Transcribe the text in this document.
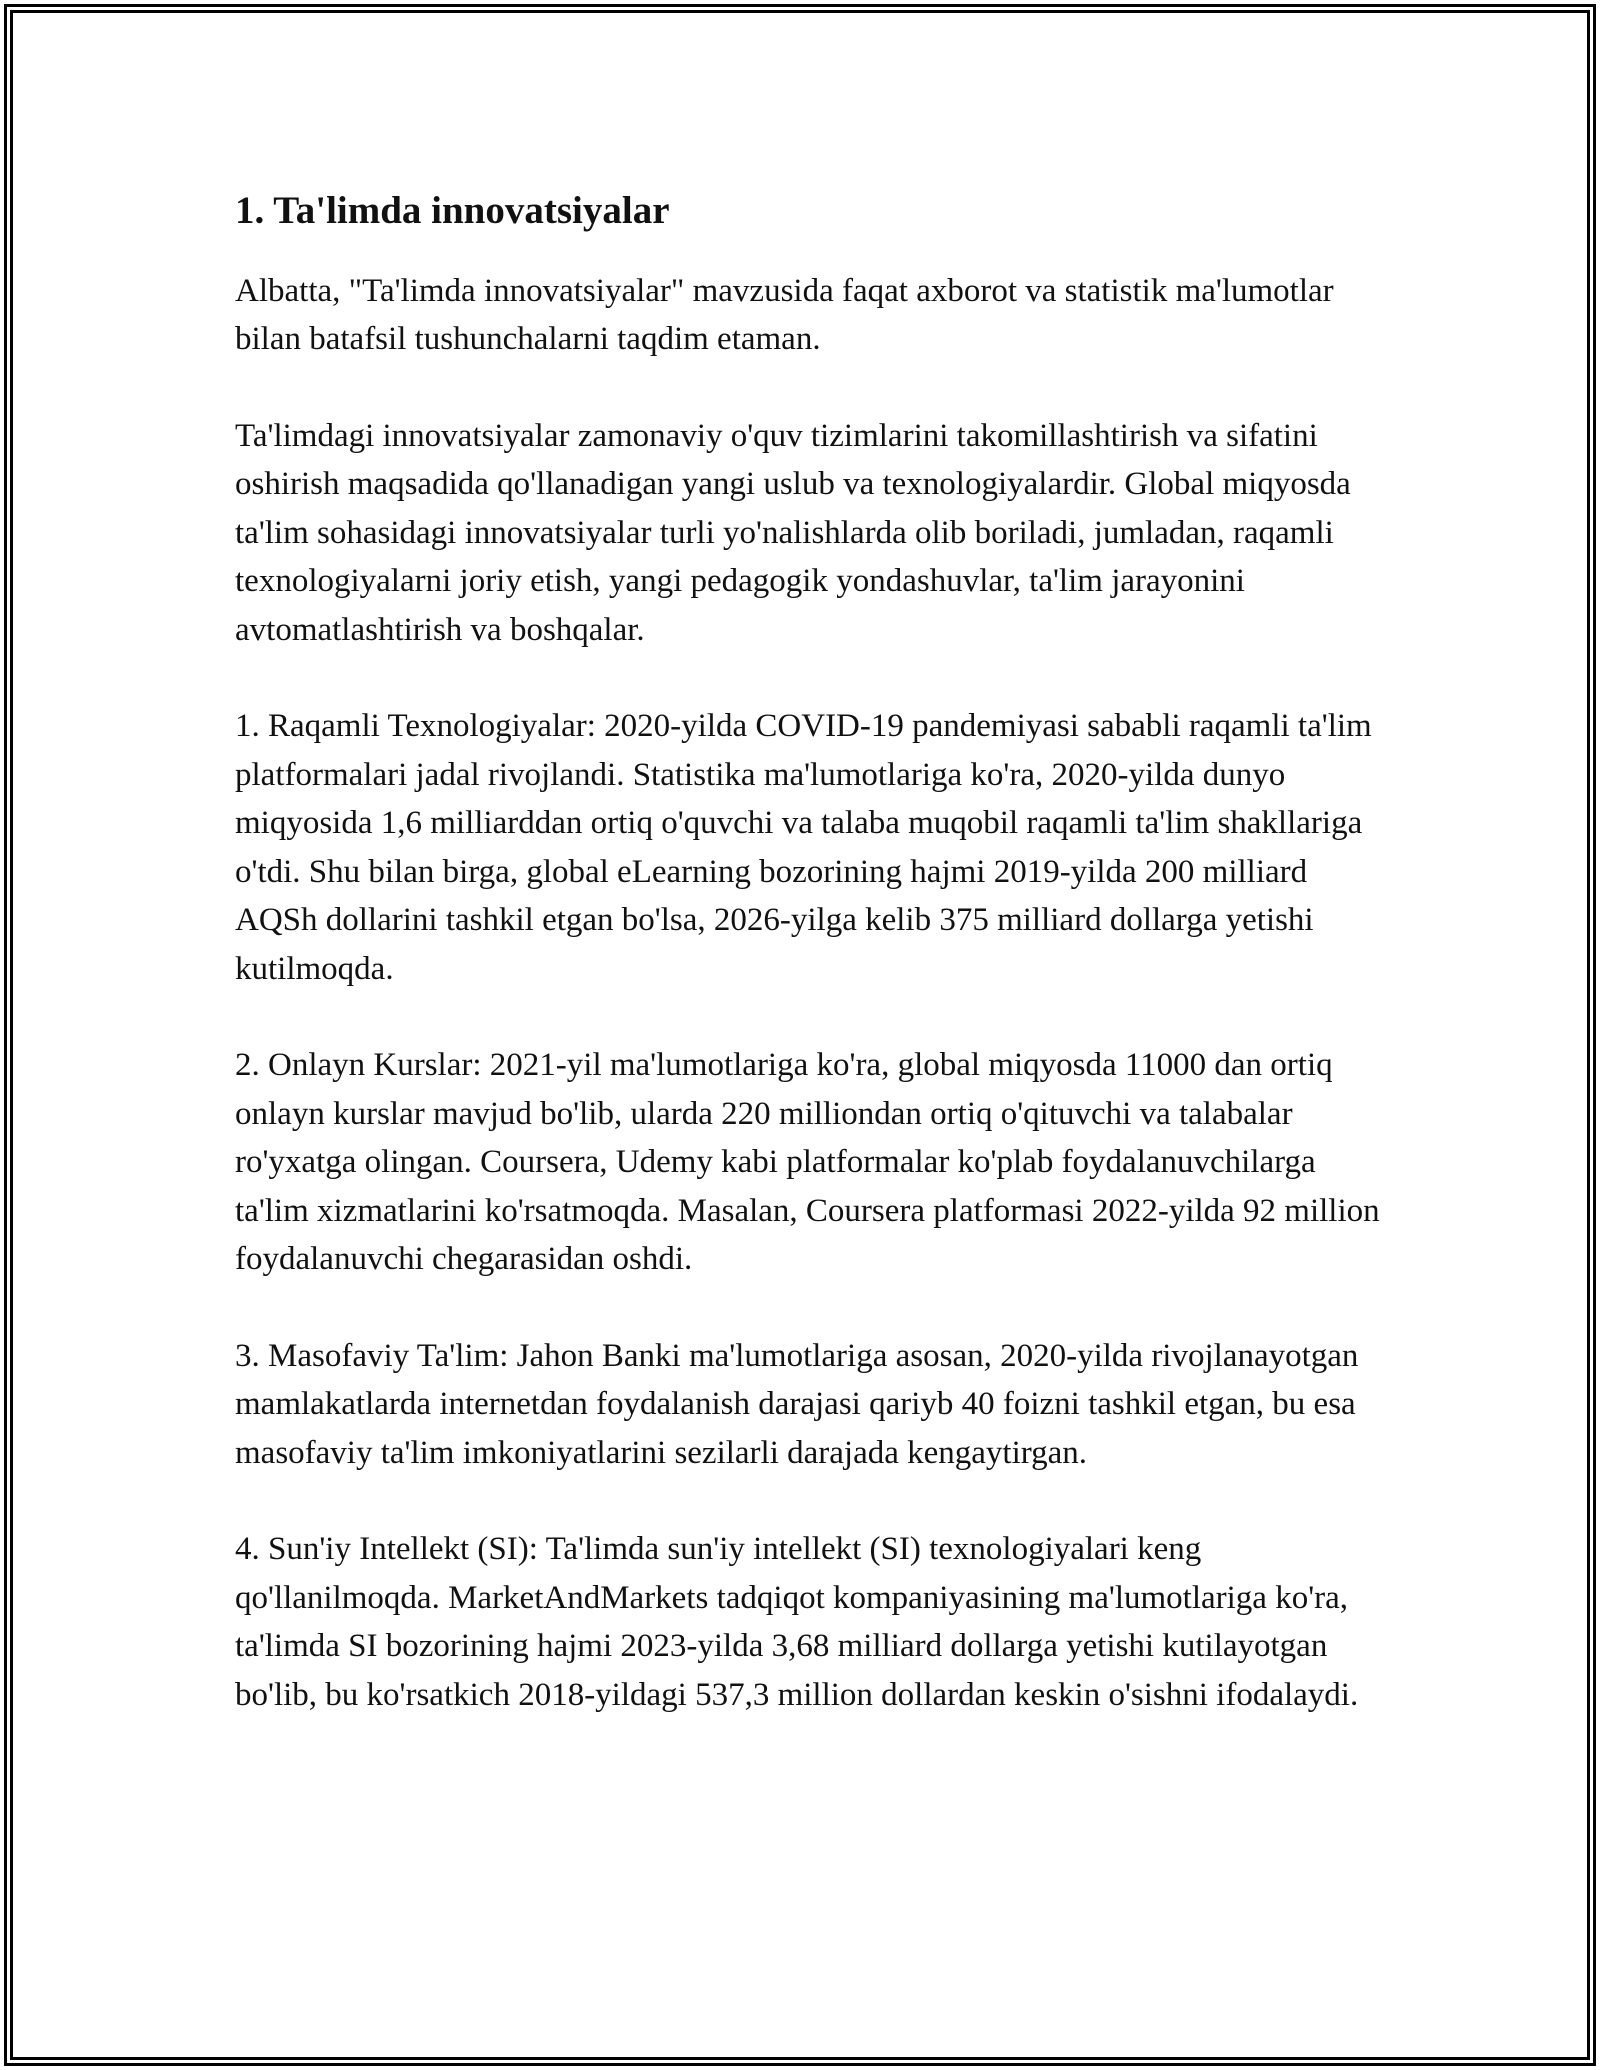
1. Ta'limda innovatsiyalar

Albatta, "Ta'limda innovatsiyalar" mavzusida faqat axborot va statistik ma'lumotlar bilan batafsil tushunchalarni taqdim etaman.

Ta'limdagi innovatsiyalar zamonaviy o'quv tizimlarini takomillashtirish va sifatini oshirish maqsadida qo'llanadigan yangi uslub va texnologiyalardir. Global miqyosda ta'lim sohasidagi innovatsiyalar turli yo'nalishlarda olib boriladi, jumladan, raqamli texnologiyalarni joriy etish, yangi pedagogik yondashuvlar, ta'lim jarayonini avtomatlashtirish va boshqalar.

1. Raqamli Texnologiyalar: 2020-yilda COVID-19 pandemiyasi sababli raqamli ta'lim platformalari jadal rivojlandi. Statistika ma'lumotlariga ko'ra, 2020-yilda dunyo miqyosida 1,6 milliarddan ortiq o'quvchi va talaba muqobil raqamli ta'lim shakllariga o'tdi. Shu bilan birga, global eLearning bozorining hajmi 2019-yilda 200 milliard AQSh dollarini tashkil etgan bo'lsa, 2026-yilga kelib 375 milliard dollarga yetishi kutilmoqda.

2. Onlayn Kurslar: 2021-yil ma'lumotlariga ko'ra, global miqyosda 11000 dan ortiq onlayn kurslar mavjud bo'lib, ularda 220 milliondan ortiq o'qituvchi va talabalar ro'yxatga olingan. Coursera, Udemy kabi platformalar ko'plab foydalanuvchilarga ta'lim xizmatlarini ko'rsatmoqda. Masalan, Coursera platformasi 2022-yilda 92 million foydalanuvchi chegarasidan oshdi.

3. Masofaviy Ta'lim: Jahon Banki ma'lumotlariga asosan, 2020-yilda rivojlanayotgan mamlakatlarda internetdan foydalanish darajasi qariyb 40 foizni tashkil etgan, bu esa masofaviy ta'lim imkoniyatlarini sezilarli darajada kengaytirgan.

4. Sun'iy Intellekt (SI): Ta'limda sun'iy intellekt (SI) texnologiyalari keng qo'llanilmoqda. MarketAndMarkets tadqiqot kompaniyasining ma'lumotlariga ko'ra, ta'limda SI bozorining hajmi 2023-yilda 3,68 milliard dollarga yetishi kutilayotgan bo'lib, bu ko'rsatkich 2018-yildagi 537,3 million dollardan keskin o'sishni ifodalaydi.
